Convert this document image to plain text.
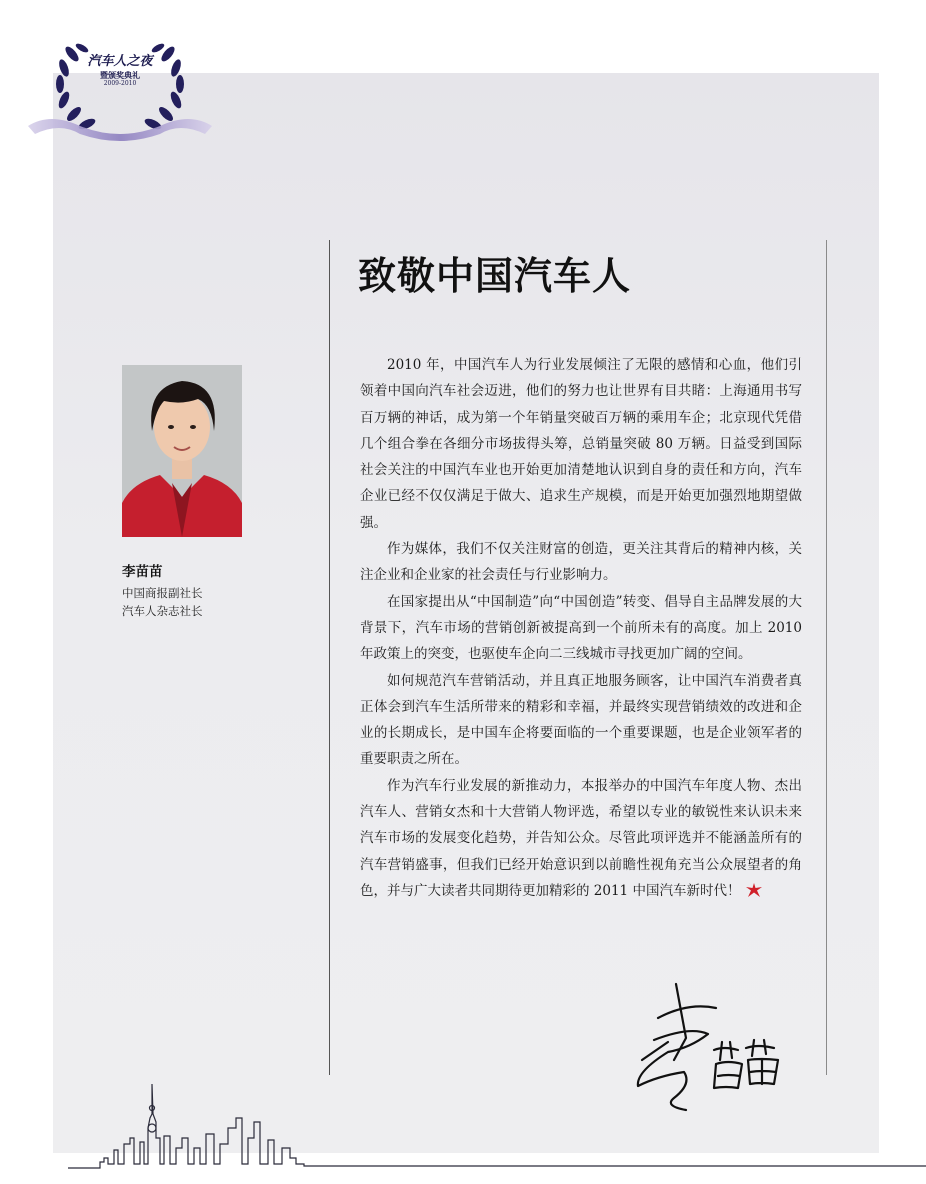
汽车人之夜
暨颁奖典礼
2009-2010
致敬中国汽车人

2010 年，中国汽车人为行业发展倾注了无限的感情和心血，他们引领着中国向汽车社会迈进，他们的努力也让世界有目共睹：上海通用书写百万辆的神话，成为第一个年销量突破百万辆的乘用车企；北京现代凭借几个组合拳在各细分市场拔得头筹，总销量突破 80 万辆。日益受到国际社会关注的中国汽车业也开始更加清楚地认识到自身的责任和方向，汽车企业已经不仅仅满足于做大、追求生产规模，而是开始更加强烈地期望做强。

作为媒体，我们不仅关注财富的创造，更关注其背后的精神内核，关注企业和企业家的社会责任与行业影响力。

在国家提出从“中国制造”向“中国创造”转变、倡导自主品牌发展的大背景下，汽车市场的营销创新被提高到一个前所未有的高度。加上 2010 年政策上的突变，也驱使车企向二三线城市寻找更加广阔的空间。

如何规范汽车营销活动，并且真正地服务顾客，让中国汽车消费者真正体会到汽车生活所带来的精彩和幸福，并最终实现营销绩效的改进和企业的长期成长，是中国车企将要面临的一个重要课题，也是企业领军者的重要职责之所在。

作为汽车行业发展的新推动力，本报举办的中国汽车年度人物、杰出汽车人、营销女杰和十大营销人物评选，希望以专业的敏锐性来认识未来汽车市场的发展变化趋势，并告知公众。尽管此项评选并不能涵盖所有的汽车营销盛事，但我们已经开始意识到以前瞻性视角充当公众展望者的角色，并与广大读者共同期待更加精彩的 2011 中国汽车新时代！

李苗苗
中国商报副社长
汽车人杂志社长
